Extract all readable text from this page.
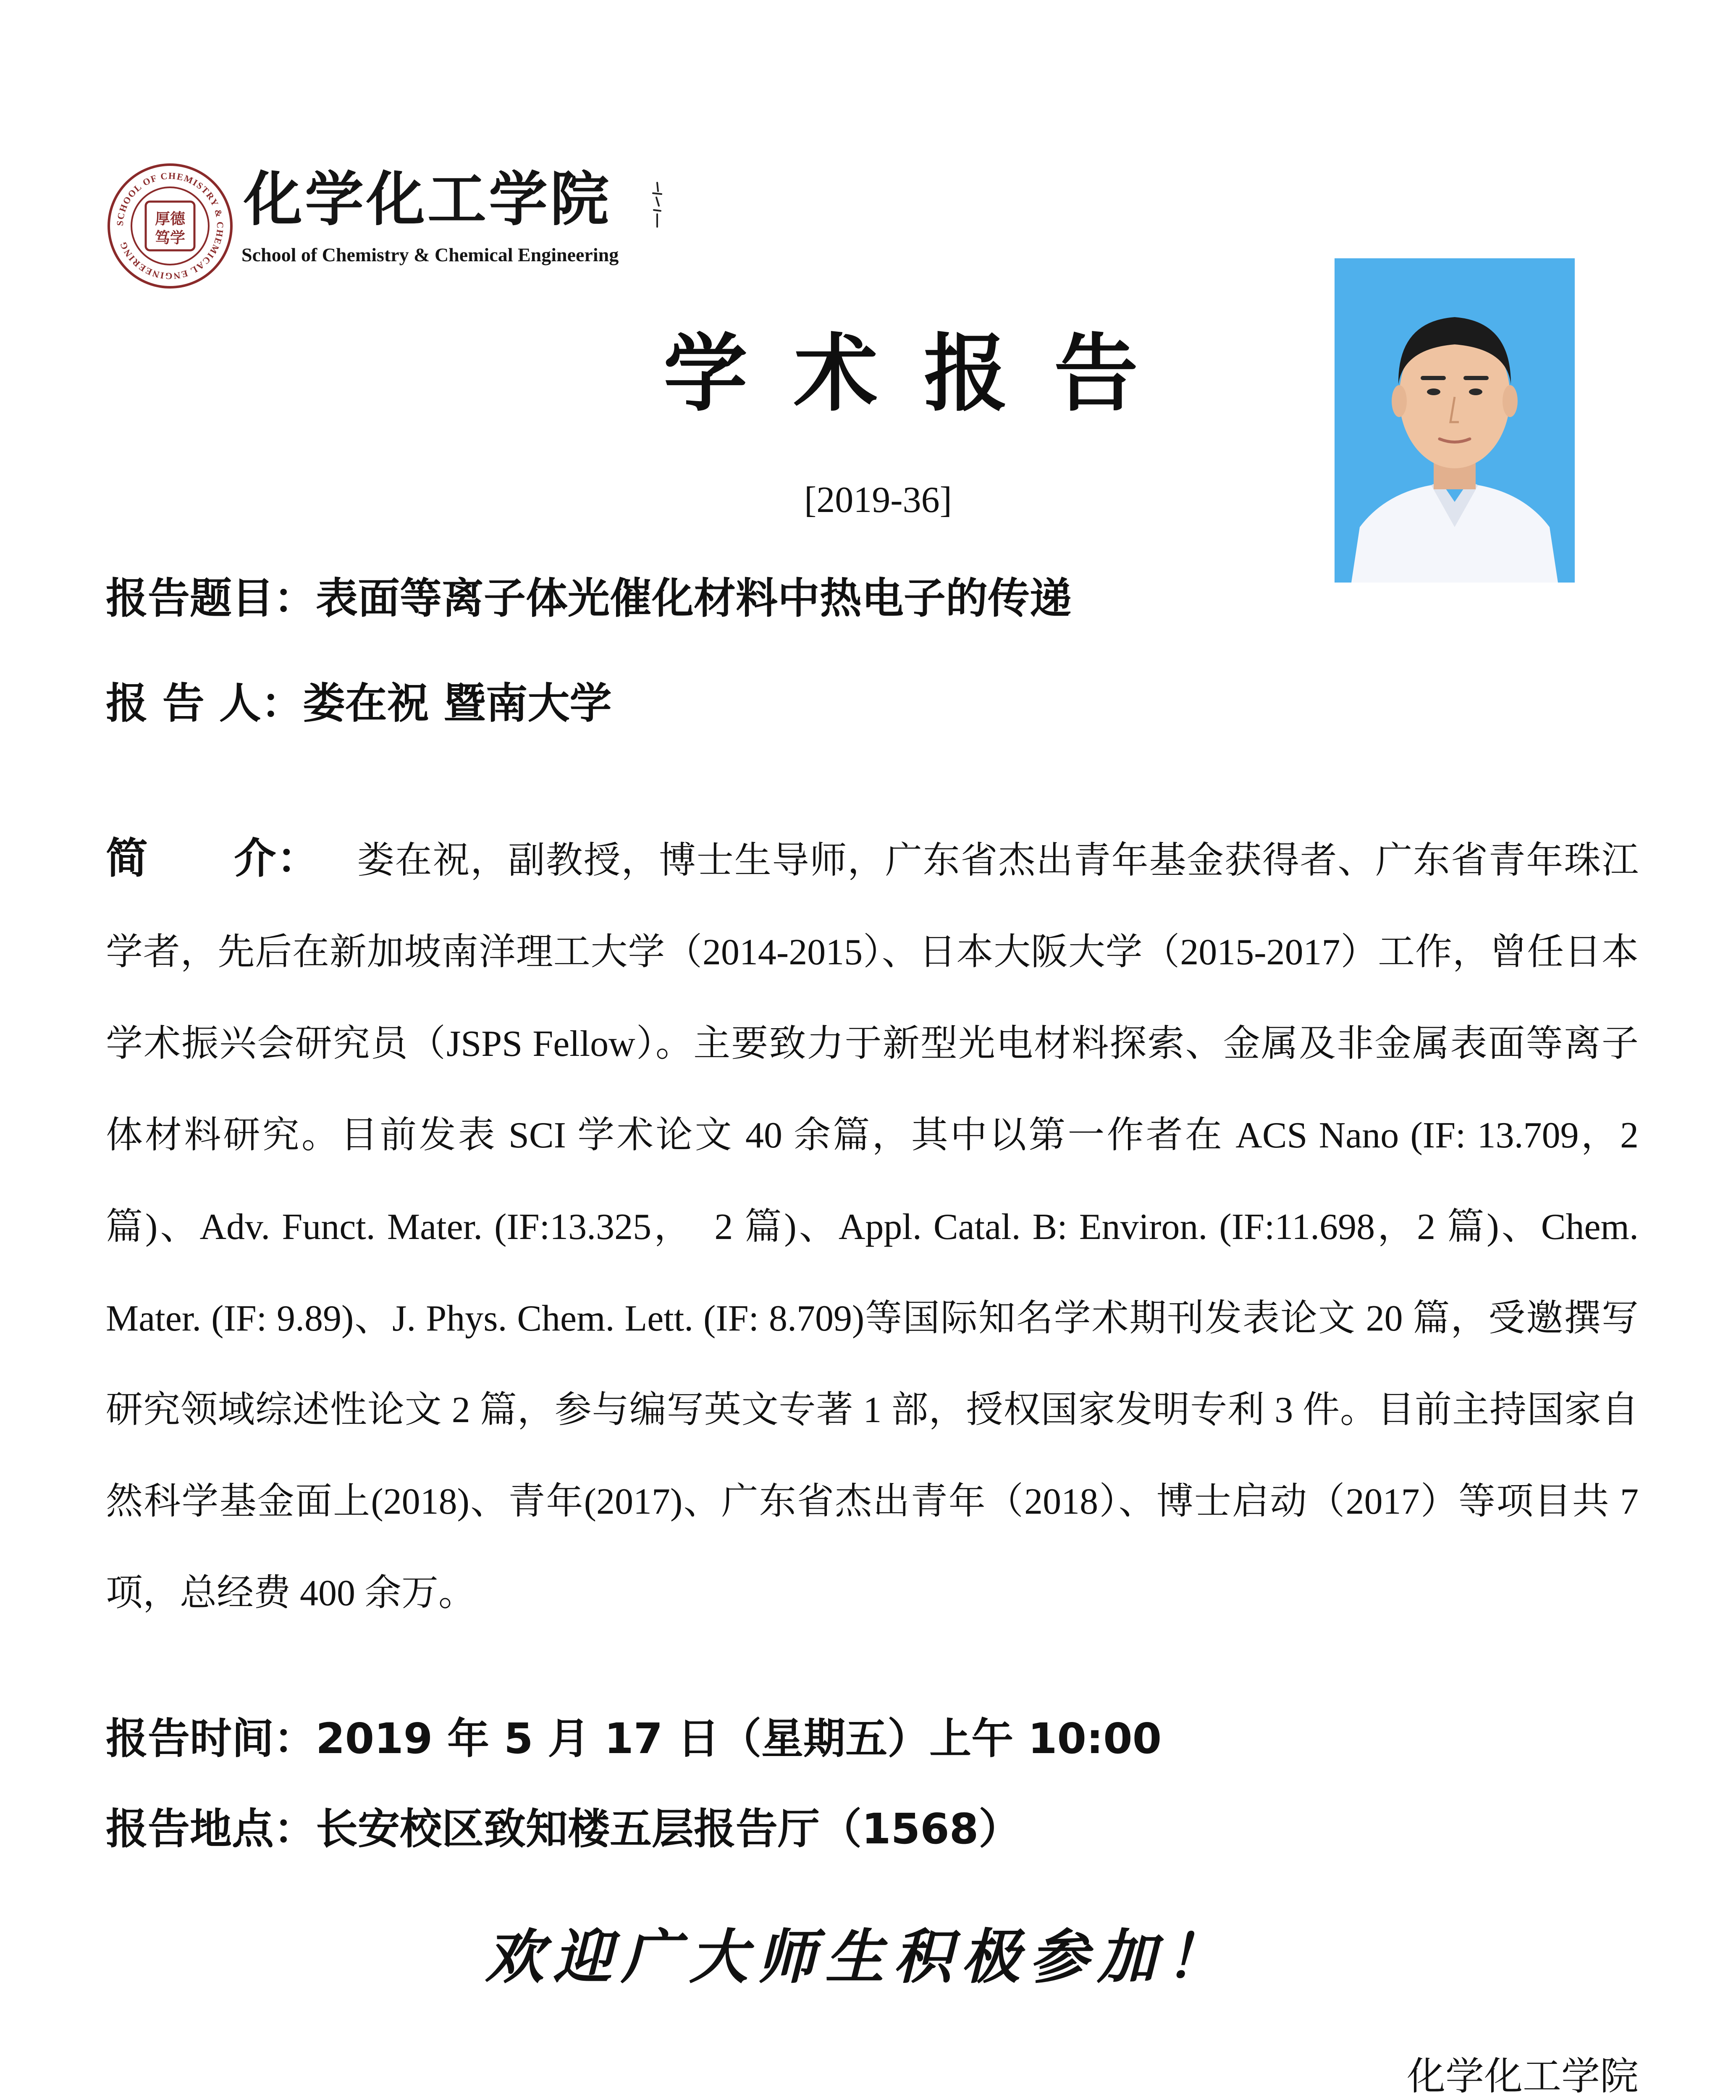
SCHOOL OF CHEMISTRY & CHEMICAL ENGINEERING
厚德
笃学
化学化工学院
School of Chemistry & Chemical Engineering
学术报告
[2019-36]
报告题目：表面等离子体光催化材料中热电子的传递
报 告 人：娄在祝 暨南大学
简　　介：  娄在祝，副教授，博士生导师，广东省杰出青年基金获得者、广东省青年珠江学者，先后在新加坡南洋理工大学（2014-2015）、日本大阪大学（2015-2017）工作，曾任日本学术振兴会研究员（JSPS Fellow）。主要致力于新型光电材料探索、金属及非金属表面等离子体材料研究。目前发表 SCI 学术论文 40 余篇，其中以第一作者在 ACS Nano (IF: 13.709，2 篇)、Adv. Funct. Mater. (IF:13.325，　2 篇)、Appl. Catal. B: Environ. (IF:11.698，2 篇)、Chem. Mater. (IF: 9.89)、J. Phys. Chem. Lett. (IF: 8.709)等国际知名学术期刊发表论文 20 篇，受邀撰写研究领域综述性论文 2 篇，参与编写英文专著 1 部，授权国家发明专利 3 件。目前主持国家自然科学基金面上(2018)、青年(2017)、广东省杰出青年（2018）、博士启动（2017）等项目共 7 项，总经费 400 余万。
报告时间：2019 年 5 月 17 日（星期五）上午 10:00
报告地点：长安校区致知楼五层报告厅（1568）
欢迎广大师生积极参加！
化学化工学院
